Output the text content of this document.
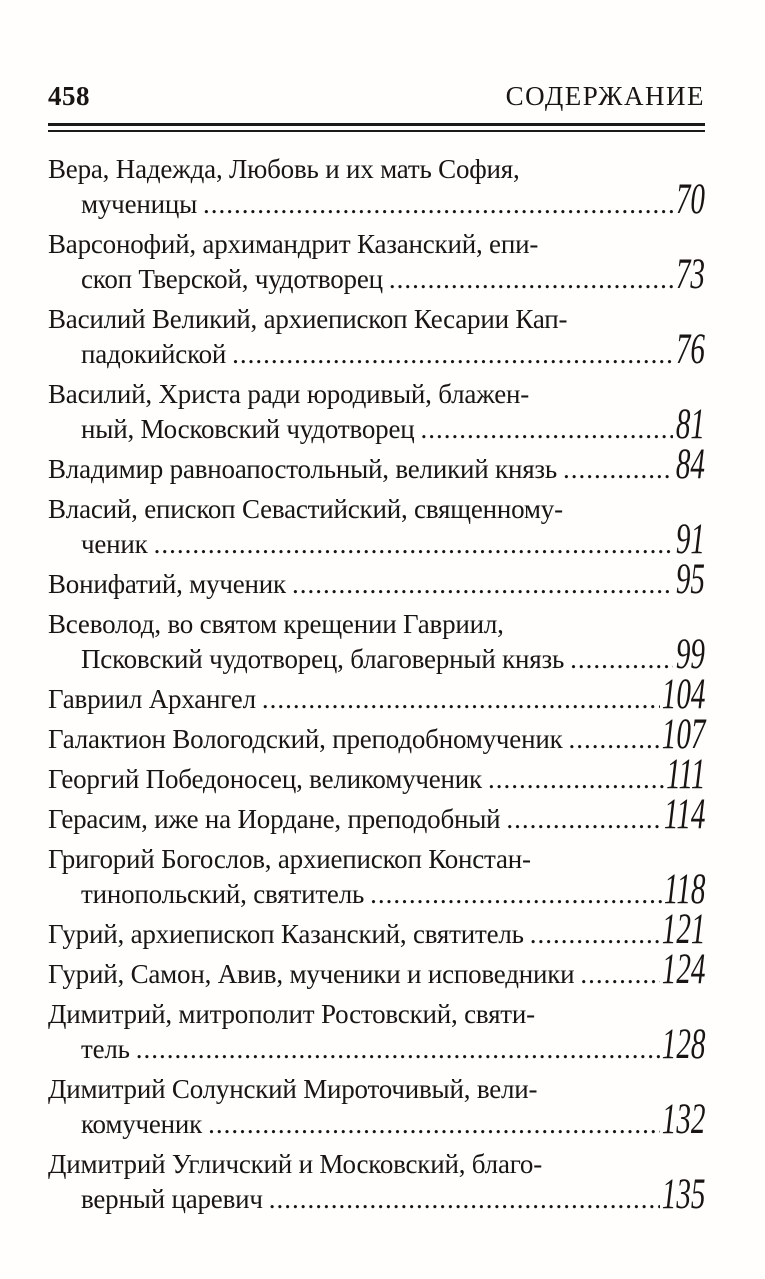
458	СОДЕРЖАНИЕ
Вера, Надежда, Любовь и их мать София,
мученицы .....	70
Варсонофий, архимандрит Казанский, епи-
скоп Тверской, чудотворец .....	73
Василий Великий, архиепископ Кесарии Кап-
падокийской .....	76
Василий, Христа ради юродивый, блажен-
ный, Московский чудотворец .....	81
Владимир равноапостольный, великий князь .....	84
Власий, епископ Севастийский, священному-
ченик .....	91
Вонифатий, мученик .....	95
Всеволод, во святом крещении Гавриил,
Псковский чудотворец, благоверный князь .....	99
Гавриил Архангел .....	104
Галактион Вологодский, преподобномученик .....	107
Георгий Победоносец, великомученик .....	111
Герасим, иже на Иордане, преподобный .....	114
Григорий Богослов, архиепископ Констан-
тинопольский, святитель .....	118
Гурий, архиепископ Казанский, святитель .....	121
Гурий, Самон, Авив, мученики и исповедники .....	124
Димитрий, митрополит Ростовский, святи-
тель .....	128
Димитрий Солунский Мироточивый, вели-
комученик .....	132
Димитрий Угличский и Московский, благо-
верный царевич .....	135
